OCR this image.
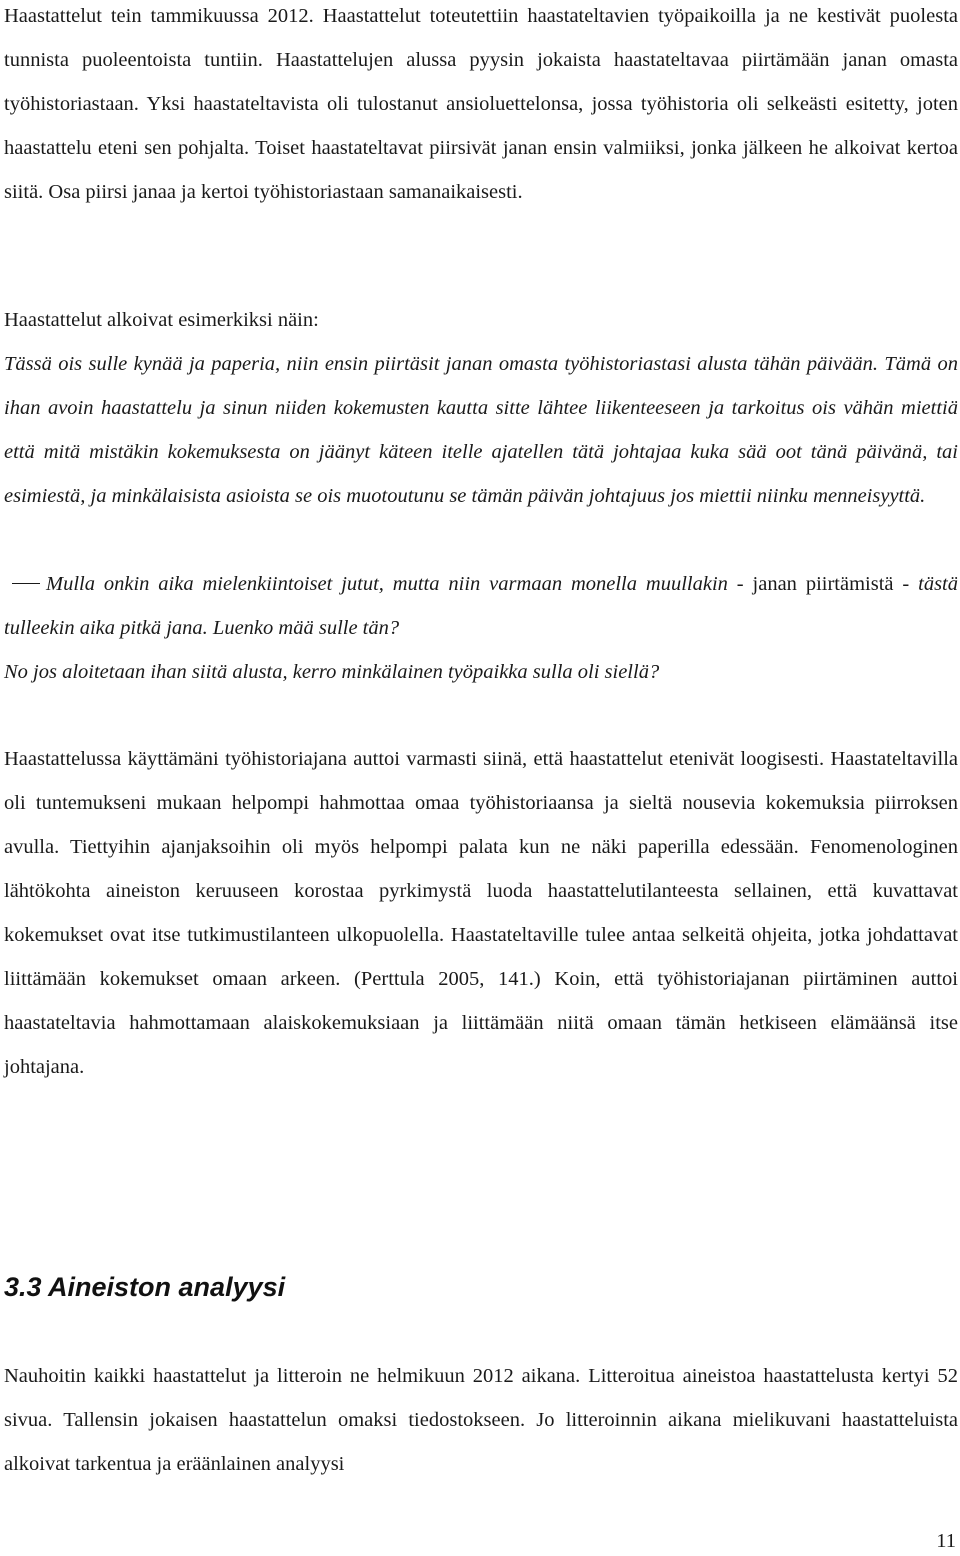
Haastattelut tein tammikuussa 2012. Haastattelut toteutettiin haastateltavien työpaikoilla ja ne kestivät puolesta tunnista puoleentoista tuntiin. Haastattelujen alussa pyysin jokaista haastateltavaa piirtämään janan omasta työhistoriastaan. Yksi haastateltavista oli tulostanut ansioluettelonsa, jossa työhistoria oli selkeästi esitetty, joten haastattelu eteni sen pohjalta. Toiset haastateltavat piirsivät janan ensin valmiiksi, jonka jälkeen he alkoivat kertoa siitä. Osa piirsi janaa ja kertoi työhistoriastaan samanaikaisesti.

Haastattelut alkoivat esimerkiksi näin:

Tässä ois sulle kynää ja paperia, niin ensin piirtäsit janan omasta työhistoriastasi alusta tähän päivään. Tämä on ihan avoin haastattelu ja sinun niiden kokemusten kautta sitte lähtee liikenteeseen ja tarkoitus ois vähän miettiä että mitä mistäkin kokemuksesta on jäänyt käteen itelle ajatellen tätä johtajaa kuka sää oot tänä päivänä, tai esimiestä, ja minkälaisista asioista se ois muotoutunu se tämän päivän johtajuus jos miettii niinku menneisyyttä.

Mulla onkin aika mielenkiintoiset jutut, mutta niin varmaan monella muullakin - janan piirtämistä - tästä tulleekin aika pitkä jana. Luenko mää sulle tän?

No jos aloitetaan ihan siitä alusta, kerro minkälainen työpaikka sulla oli siellä?

Haastattelussa käyttämäni työhistoriajana auttoi varmasti siinä, että haastattelut etenivät loogisesti. Haastateltavilla oli tuntemukseni mukaan helpompi hahmottaa omaa työhistoriaansa ja sieltä nousevia kokemuksia piirroksen avulla. Tiettyihin ajanjaksoihin oli myös helpompi palata kun ne näki paperilla edessään. Fenomenologinen lähtökohta aineiston keruuseen korostaa pyrkimystä luoda haastattelutilanteesta sellainen, että kuvattavat kokemukset ovat itse tutkimustilanteen ulkopuolella. Haastateltaville tulee antaa selkeitä ohjeita, jotka johdattavat liittämään kokemukset omaan arkeen. (Perttula 2005, 141.) Koin, että työhistoriajanan piirtäminen auttoi haastateltavia hahmottamaan alaiskokemuksiaan ja liittämään niitä omaan tämän hetkiseen elämäänsä itse johtajana.

3.3 Aineiston analyysi

Nauhoitin kaikki haastattelut ja litteroin ne helmikuun 2012 aikana. Litteroitua aineistoa haastattelusta kertyi 52 sivua. Tallensin jokaisen haastattelun omaksi tiedostokseen. Jo litteroinnin aikana mielikuvani haastatteluista alkoivat tarkentua ja eräänlainen analyysi

11
